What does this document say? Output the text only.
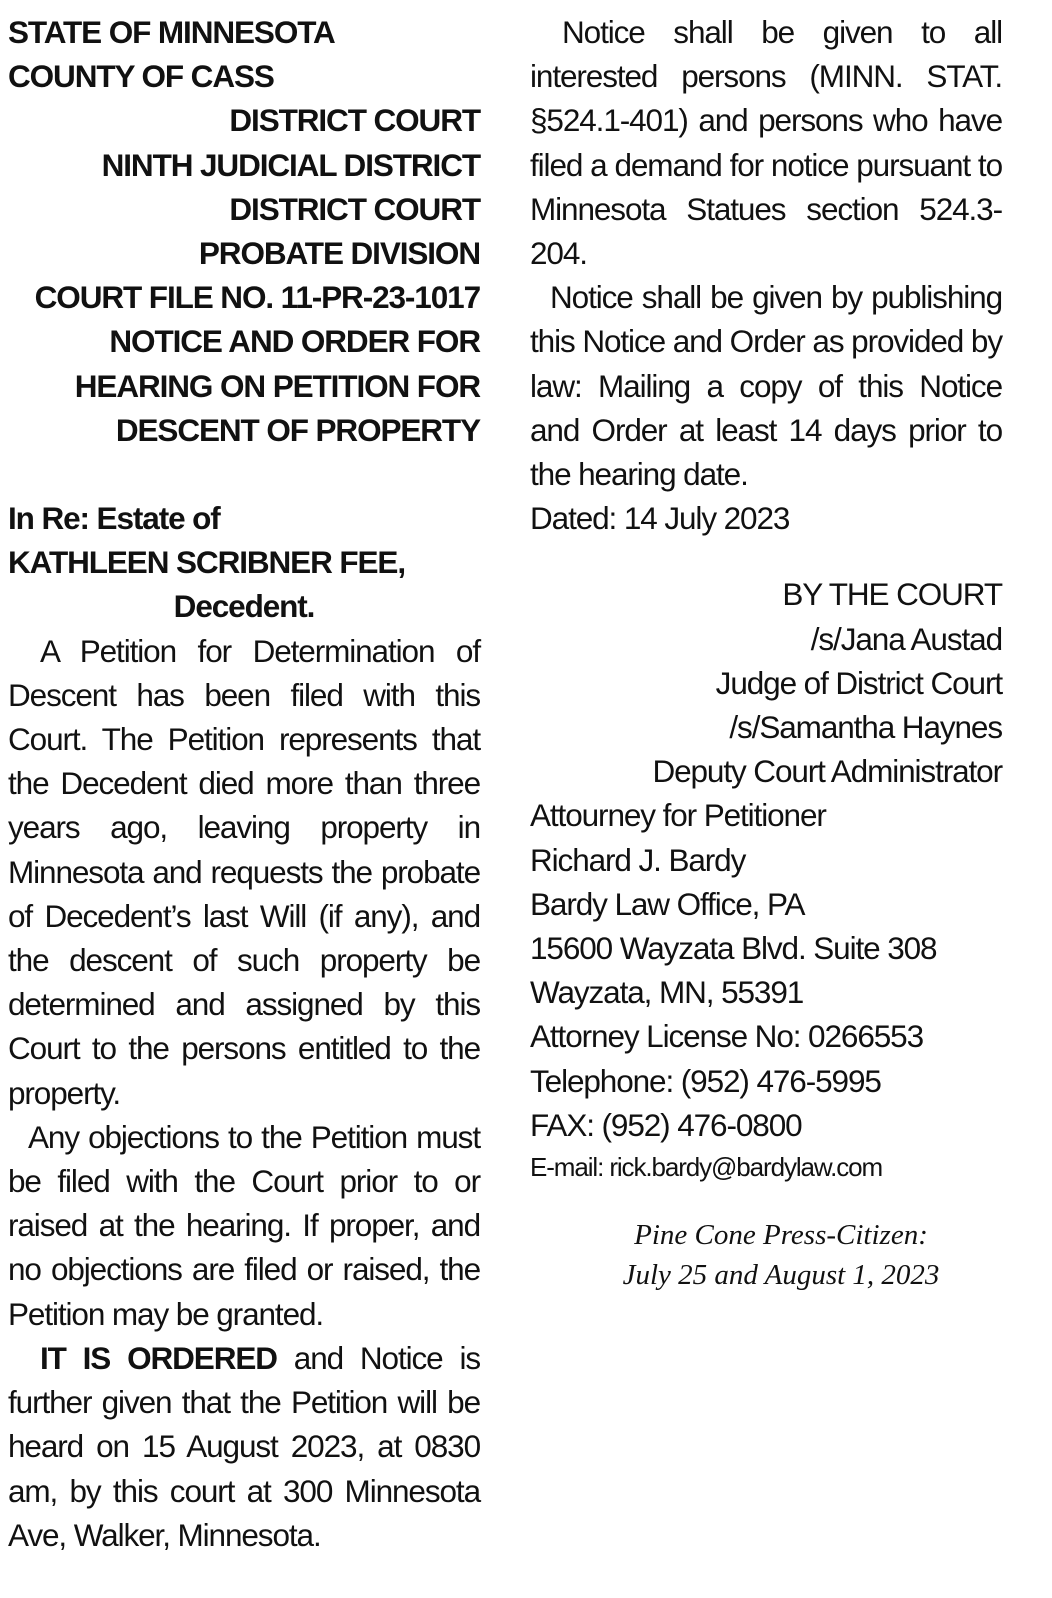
STATE OF MINNESOTA

COUNTY OF CASS

DISTRICT COURT

NINTH JUDICIAL DISTRICT

DISTRICT COURT

PROBATE DIVISION

COURT FILE NO. 11-PR-23-1017

NOTICE AND ORDER FOR

HEARING ON PETITION FOR

DESCENT OF PROPERTY

In Re: Estate of

KATHLEEN SCRIBNER FEE,

Decedent.

A Petition for Determination of Descent has been filed with this Court. The Petition represents that the Decedent died more than three years ago, leaving property in Minnesota and requests the probate of Decedent’s last Will (if any), and the descent of such property be determined and assigned by this Court to the persons entitled to the property.

Any objections to the Petition must be filed with the Court prior to or raised at the hearing. If proper, and no objections are filed or raised, the Petition may be granted.

IT IS ORDERED and Notice is further given that the Petition will be heard on 15 August 2023, at 0830 am, by this court at 300 Minnesota Ave, Walker, Minnesota.

Notice shall be given to all interested persons (MINN. STAT. §524.1-401) and persons who have filed a demand for notice pursuant to Minnesota Statues section 524.3-204.

Notice shall be given by publishing this Notice and Order as provided by law: Mailing a copy of this Notice and Order at least 14 days prior to the hearing date.

Dated: 14 July 2023

BY THE COURT

/s/Jana Austad

Judge of District Court

/s/Samantha Haynes

Deputy Court Administrator

Attourney for Petitioner

Richard J. Bardy

Bardy Law Office, PA

15600 Wayzata Blvd. Suite 308

Wayzata, MN, 55391

Attorney License No: 0266553

Telephone: (952) 476-5995

FAX: (952) 476-0800

E-mail: rick.bardy@bardylaw.com

Pine Cone Press-Citizen:

July 25 and August 1, 2023
